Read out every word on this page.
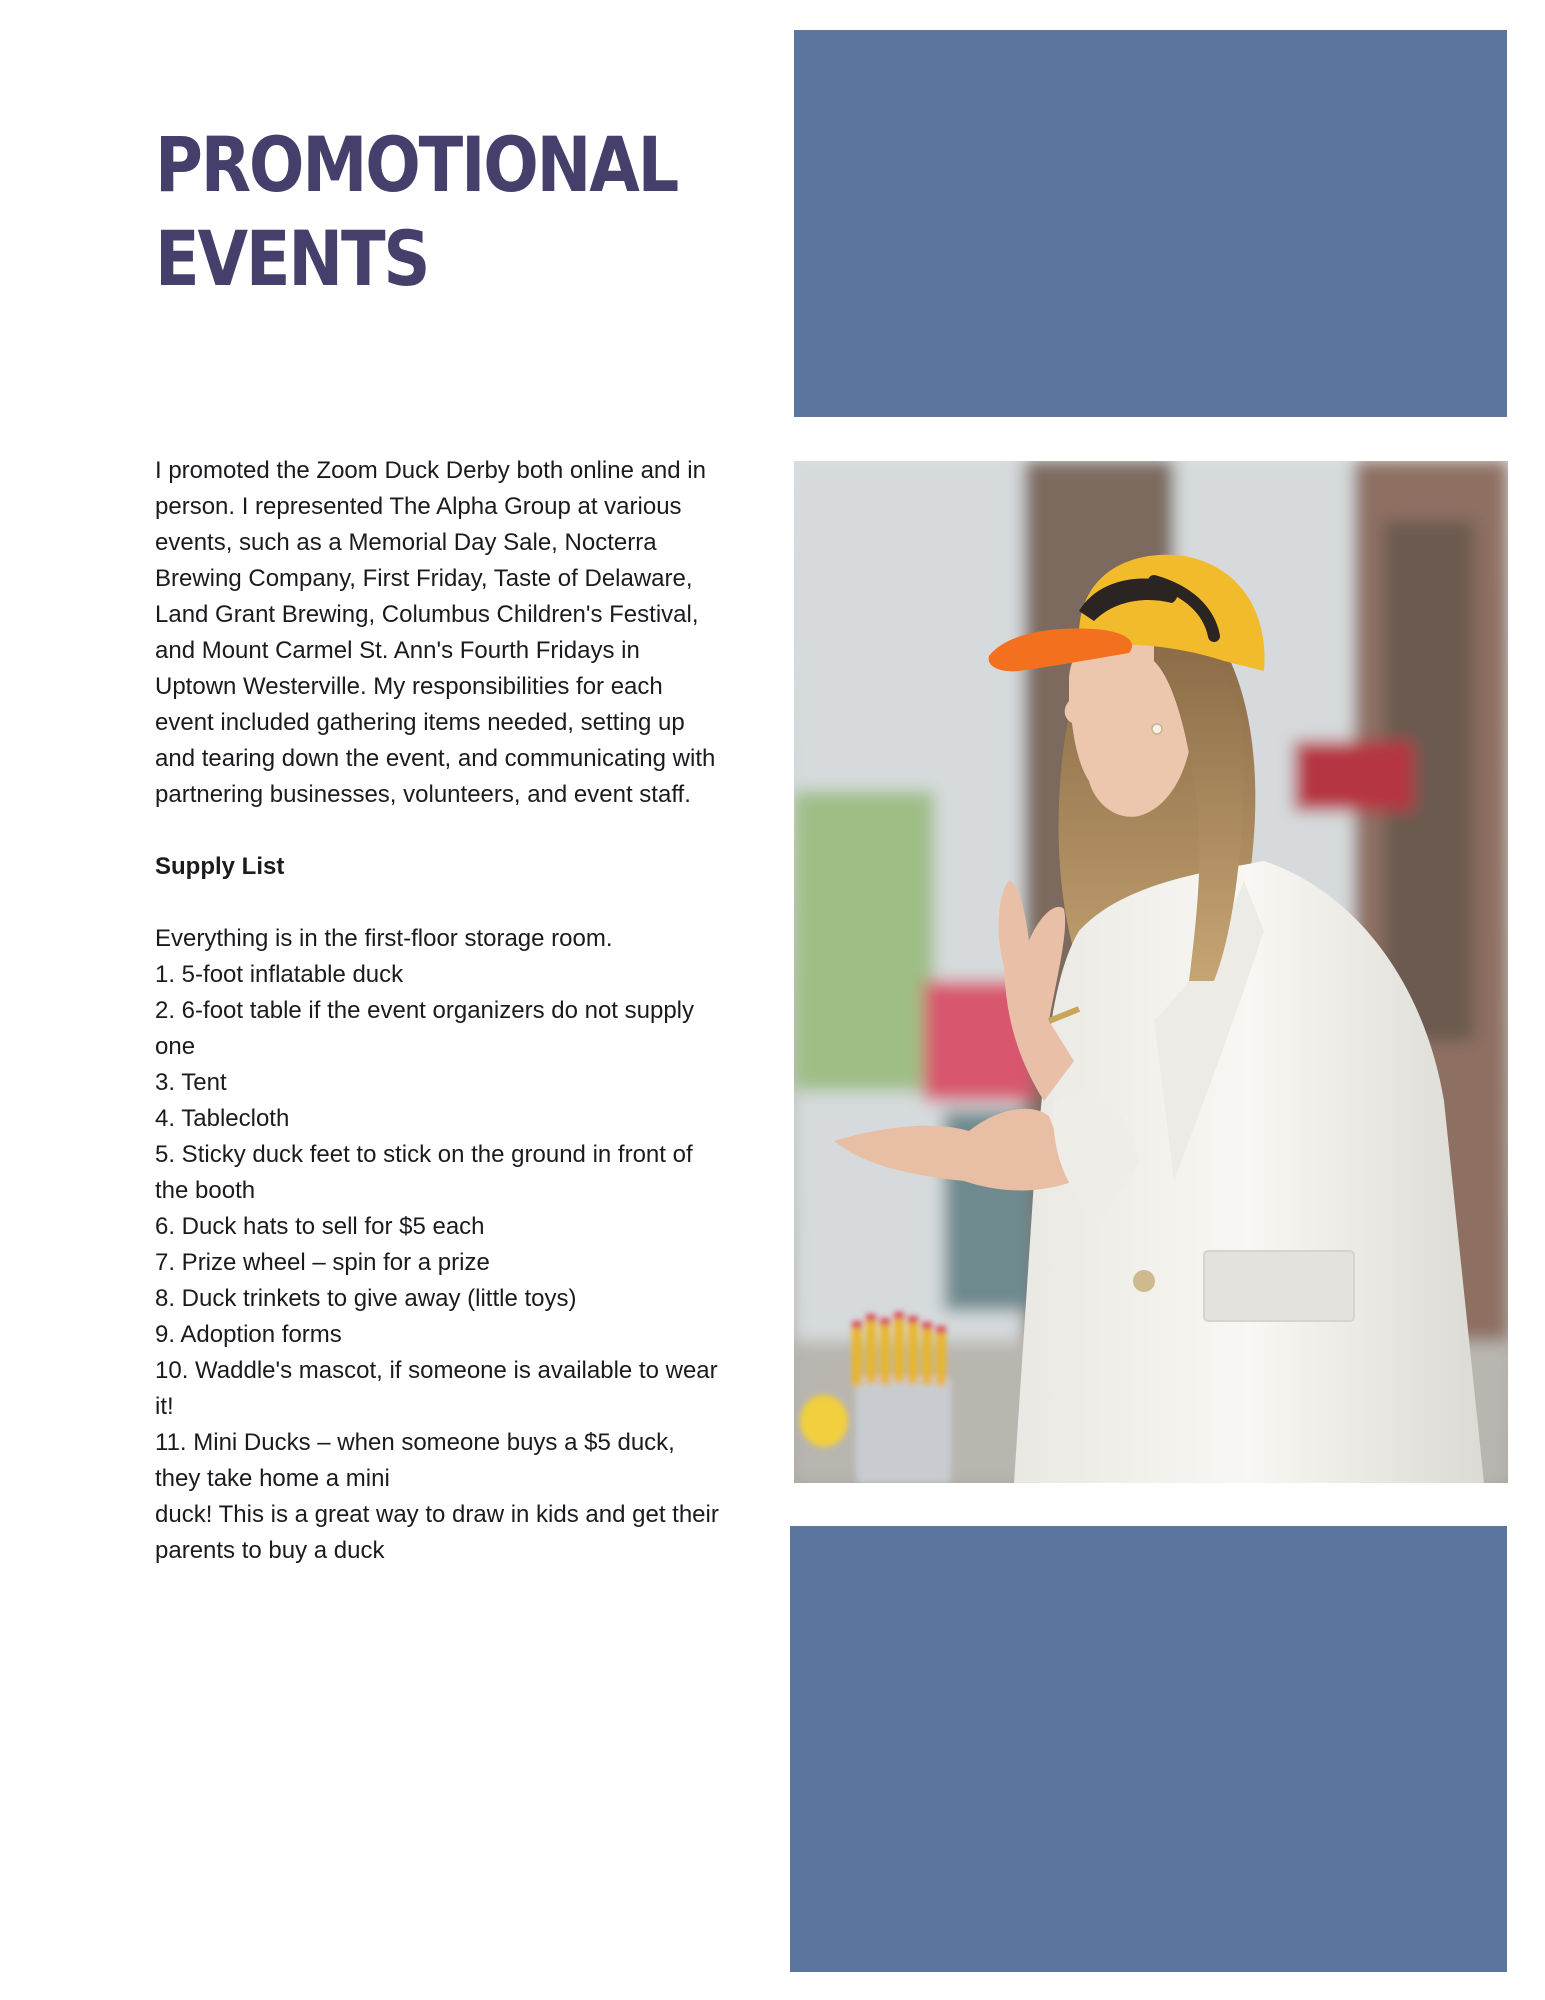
PROMOTIONAL
EVENTS

I promoted the Zoom Duck Derby both online and in person. I represented The Alpha Group at various events, such as a Memorial Day Sale, Nocterra Brewing Company, First Friday, Taste of Delaware, Land Grant Brewing, Columbus Children's Festival, and Mount Carmel St. Ann's Fourth Fridays in Uptown Westerville. My responsibilities for each event included gathering items needed, setting up and tearing down the event, and communicating with partnering businesses, volunteers, and event staff.

Supply List

Everything is in the first-floor storage room.

1. 5-foot inflatable duck
2. 6-foot table if the event organizers do not supply one
3. Tent
4. Tablecloth
5. Sticky duck feet to stick on the ground in front of the booth
6. Duck hats to sell for $5 each
7. Prize wheel – spin for a prize
8. Duck trinkets to give away (little toys)
9. Adoption forms
10. Waddle's mascot, if someone is available to wear it!
11. Mini Ducks – when someone buys a $5 duck, they take home a mini
duck! This is a great way to draw in kids and get their parents to buy a duck
